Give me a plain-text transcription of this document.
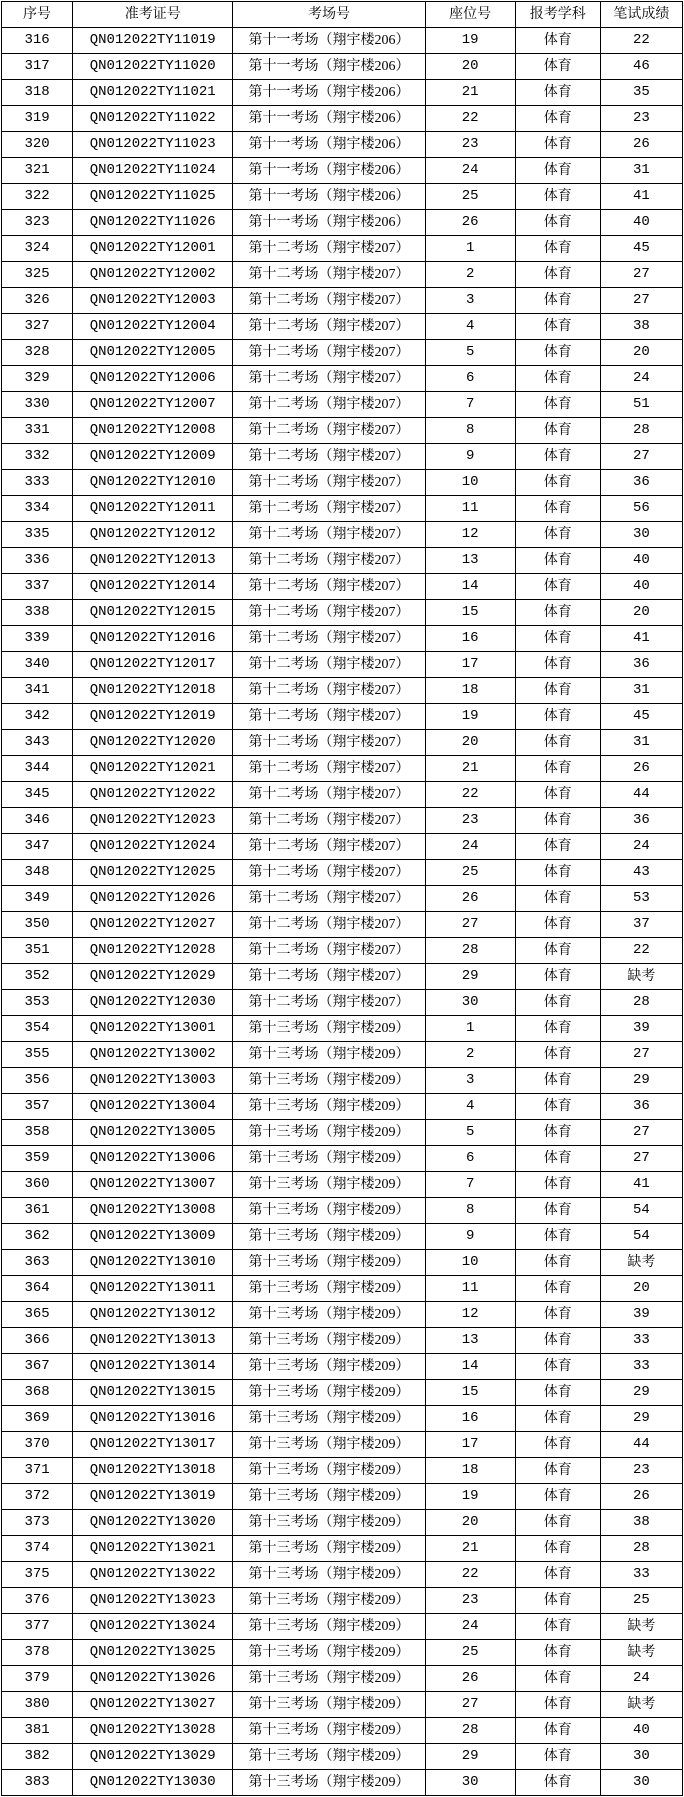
序号	准考证号	考场号	座位号	报考学科	笔试成绩
316	QN012022TY11019	第十一考场（翔宇楼206）	19	体育	22
317	QN012022TY11020	第十一考场（翔宇楼206）	20	体育	46
318	QN012022TY11021	第十一考场（翔宇楼206）	21	体育	35
319	QN012022TY11022	第十一考场（翔宇楼206）	22	体育	23
320	QN012022TY11023	第十一考场（翔宇楼206）	23	体育	26
321	QN012022TY11024	第十一考场（翔宇楼206）	24	体育	31
322	QN012022TY11025	第十一考场（翔宇楼206）	25	体育	41
323	QN012022TY11026	第十一考场（翔宇楼206）	26	体育	40
324	QN012022TY12001	第十二考场（翔宇楼207）	1	体育	45
325	QN012022TY12002	第十二考场（翔宇楼207）	2	体育	27
326	QN012022TY12003	第十二考场（翔宇楼207）	3	体育	27
327	QN012022TY12004	第十二考场（翔宇楼207）	4	体育	38
328	QN012022TY12005	第十二考场（翔宇楼207）	5	体育	20
329	QN012022TY12006	第十二考场（翔宇楼207）	6	体育	24
330	QN012022TY12007	第十二考场（翔宇楼207）	7	体育	51
331	QN012022TY12008	第十二考场（翔宇楼207）	8	体育	28
332	QN012022TY12009	第十二考场（翔宇楼207）	9	体育	27
333	QN012022TY12010	第十二考场（翔宇楼207）	10	体育	36
334	QN012022TY12011	第十二考场（翔宇楼207）	11	体育	56
335	QN012022TY12012	第十二考场（翔宇楼207）	12	体育	30
336	QN012022TY12013	第十二考场（翔宇楼207）	13	体育	40
337	QN012022TY12014	第十二考场（翔宇楼207）	14	体育	40
338	QN012022TY12015	第十二考场（翔宇楼207）	15	体育	20
339	QN012022TY12016	第十二考场（翔宇楼207）	16	体育	41
340	QN012022TY12017	第十二考场（翔宇楼207）	17	体育	36
341	QN012022TY12018	第十二考场（翔宇楼207）	18	体育	31
342	QN012022TY12019	第十二考场（翔宇楼207）	19	体育	45
343	QN012022TY12020	第十二考场（翔宇楼207）	20	体育	31
344	QN012022TY12021	第十二考场（翔宇楼207）	21	体育	26
345	QN012022TY12022	第十二考场（翔宇楼207）	22	体育	44
346	QN012022TY12023	第十二考场（翔宇楼207）	23	体育	36
347	QN012022TY12024	第十二考场（翔宇楼207）	24	体育	24
348	QN012022TY12025	第十二考场（翔宇楼207）	25	体育	43
349	QN012022TY12026	第十二考场（翔宇楼207）	26	体育	53
350	QN012022TY12027	第十二考场（翔宇楼207）	27	体育	37
351	QN012022TY12028	第十二考场（翔宇楼207）	28	体育	22
352	QN012022TY12029	第十二考场（翔宇楼207）	29	体育	缺考
353	QN012022TY12030	第十二考场（翔宇楼207）	30	体育	28
354	QN012022TY13001	第十三考场（翔宇楼209）	1	体育	39
355	QN012022TY13002	第十三考场（翔宇楼209）	2	体育	27
356	QN012022TY13003	第十三考场（翔宇楼209）	3	体育	29
357	QN012022TY13004	第十三考场（翔宇楼209）	4	体育	36
358	QN012022TY13005	第十三考场（翔宇楼209）	5	体育	27
359	QN012022TY13006	第十三考场（翔宇楼209）	6	体育	27
360	QN012022TY13007	第十三考场（翔宇楼209）	7	体育	41
361	QN012022TY13008	第十三考场（翔宇楼209）	8	体育	54
362	QN012022TY13009	第十三考场（翔宇楼209）	9	体育	54
363	QN012022TY13010	第十三考场（翔宇楼209）	10	体育	缺考
364	QN012022TY13011	第十三考场（翔宇楼209）	11	体育	20
365	QN012022TY13012	第十三考场（翔宇楼209）	12	体育	39
366	QN012022TY13013	第十三考场（翔宇楼209）	13	体育	33
367	QN012022TY13014	第十三考场（翔宇楼209）	14	体育	33
368	QN012022TY13015	第十三考场（翔宇楼209）	15	体育	29
369	QN012022TY13016	第十三考场（翔宇楼209）	16	体育	29
370	QN012022TY13017	第十三考场（翔宇楼209）	17	体育	44
371	QN012022TY13018	第十三考场（翔宇楼209）	18	体育	23
372	QN012022TY13019	第十三考场（翔宇楼209）	19	体育	26
373	QN012022TY13020	第十三考场（翔宇楼209）	20	体育	38
374	QN012022TY13021	第十三考场（翔宇楼209）	21	体育	28
375	QN012022TY13022	第十三考场（翔宇楼209）	22	体育	33
376	QN012022TY13023	第十三考场（翔宇楼209）	23	体育	25
377	QN012022TY13024	第十三考场（翔宇楼209）	24	体育	缺考
378	QN012022TY13025	第十三考场（翔宇楼209）	25	体育	缺考
379	QN012022TY13026	第十三考场（翔宇楼209）	26	体育	24
380	QN012022TY13027	第十三考场（翔宇楼209）	27	体育	缺考
381	QN012022TY13028	第十三考场（翔宇楼209）	28	体育	40
382	QN012022TY13029	第十三考场（翔宇楼209）	29	体育	30
383	QN012022TY13030	第十三考场（翔宇楼209）	30	体育	30
